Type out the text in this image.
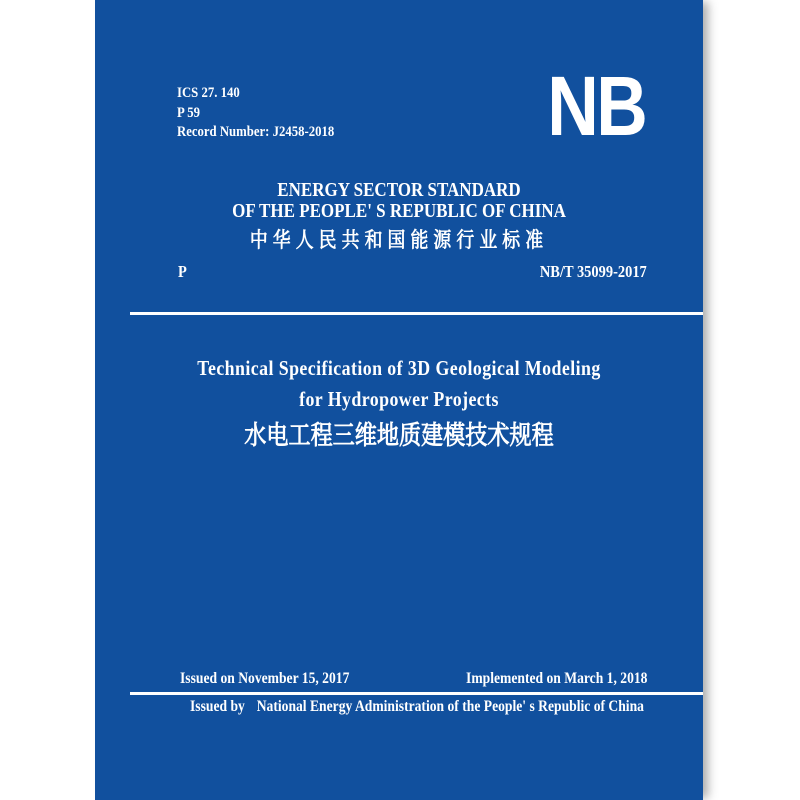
ICS 27. 140
P 59
Record Number: J2458-2018	NB
ENERGY SECTOR STANDARD
OF THE PEOPLE' S REPUBLIC OF CHINA
中华人民共和国能源行业标准
P	NB/T 35099-2017
Technical Specification of 3D Geological Modeling
for Hydropower Projects
水电工程三维地质建模技术规程
Issued on November 15, 2017	Implemented on March 1, 2018
Issued by National Energy Administration of the People' s Republic of China
